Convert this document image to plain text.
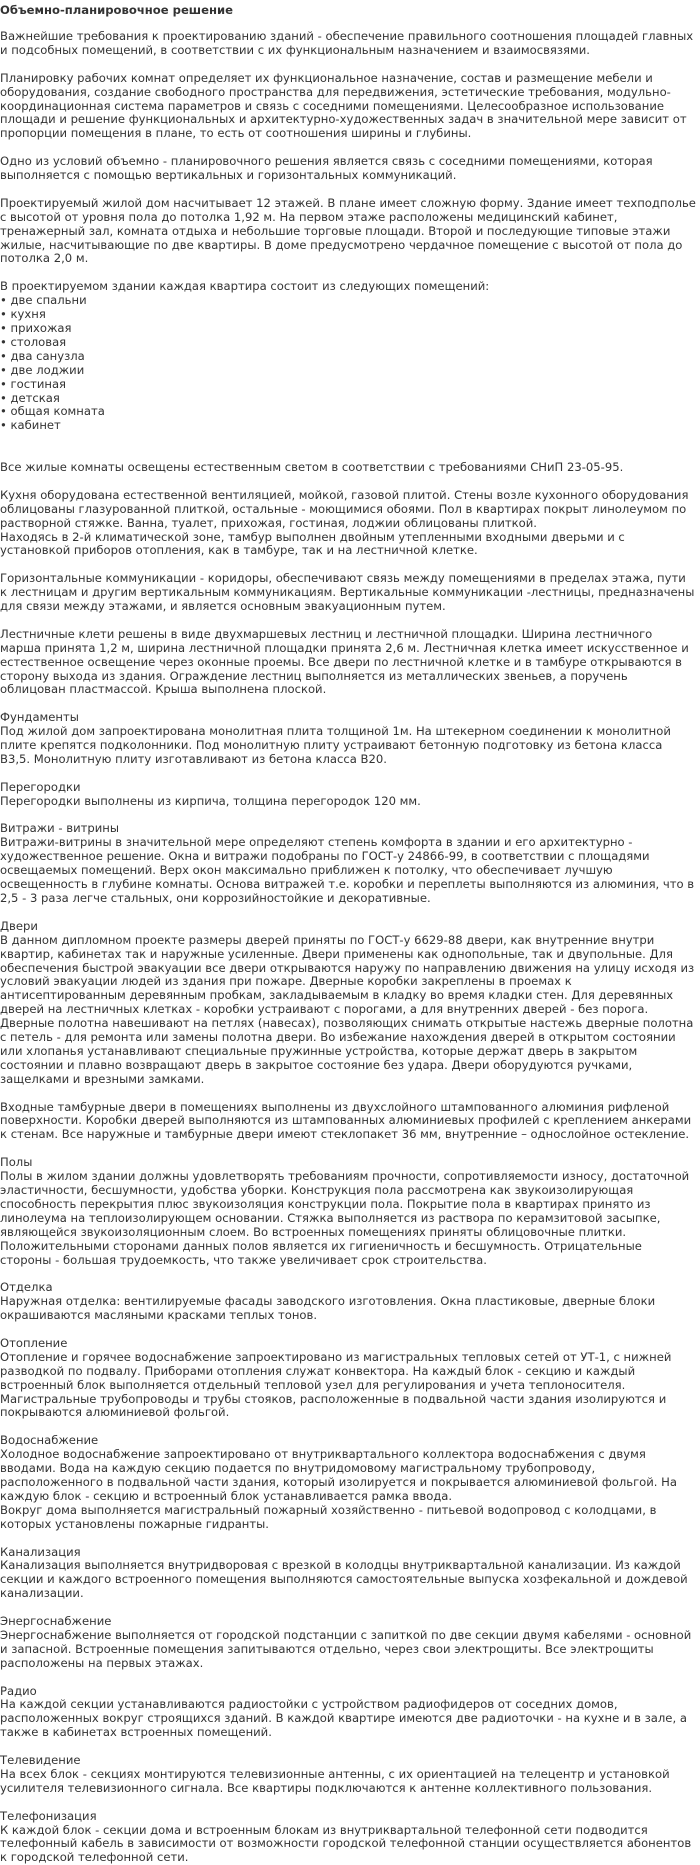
Объемно-планировочное решение

Важнейшие требования к проектированию зданий - обеспечение правильного соотношения площадей главных и подсобных помещений, в соответствии с их функциональным назначением и взаимосвязями.

Планировку рабочих комнат определяет их функциональное назначение, состав и размещение мебели и оборудования, создание свободного пространства для передвижения, эстетические требования, модульно-координационная система параметров и связь с соседними помещениями. Целесообразное использование площади и решение функциональных и архитектурно-художественных задач в значительной мере зависит от пропорции помещения в плане, то есть от соотношения ширины и глубины.

Одно из условий объемно - планировочного решения является связь с соседними помещениями, которая выполняется с помощью вертикальных и горизонтальных коммуникаций.

Проектируемый жилой дом насчитывает 12 этажей. В плане имеет сложную форму. Здание имеет техподполье с высотой от уровня пола до потолка 1,92 м. На первом этаже расположены медицинский кабинет, тренажерный зал, комната отдыха и небольшие торговые площади. Второй и последующие типовые этажи жилые, насчитывающие по две квартиры. В доме предусмотрено чердачное помещение с высотой от пола до потолка 2,0 м.

В проектируемом здании каждая квартира состоит из следующих помещений:
• две спальни
• кухня
• прихожая
• столовая
• два санузла
• две лоджии
• гостиная
• детская
• общая комната
• кабинет

Все жилые комнаты освещены естественным светом в соответствии с требованиями СНиП 23-05-95.

Кухня оборудована естественной вентиляцией, мойкой, газовой плитой. Стены возле кухонного оборудования облицованы глазурованной плиткой, остальные - моющимися обоями. Пол в квартирах покрыт линолеумом по растворной стяжке. Ванна, туалет, прихожая, гостиная, лоджии облицованы плиткой.
Находясь в 2-й климатической зоне, тамбур выполнен двойным утепленными входными дверьми и с установкой приборов отопления, как в тамбуре, так и на лестничной клетке.

Горизонтальные коммуникации - коридоры, обеспечивают связь между помещениями в пределах этажа, пути к лестницам и другим вертикальным коммуникациям. Вертикальные коммуникации -лестницы, предназначены для связи между этажами, и является основным эвакуационным путем.

Лестничные клети решены в виде двухмаршевых лестниц и лестничной площадки. Ширина лестничного марша принята 1,2 м, ширина лестничной площадки принята 2,6 м. Лестничная клетка имеет искусственное и естественное освещение через оконные проемы. Все двери по лестничной клетке и в тамбуре открываются в сторону выхода из здания. Ограждение лестниц выполняется из металлических звеньев, а поручень облицован пластмассой. Крыша выполнена плоской.

Фундаменты
Под жилой дом запроектирована монолитная плита толщиной 1м. На штекерном соединении к монолитной плите крепятся подколонники. Под монолитную плиту устраивают бетонную подготовку из бетона класса В3,5. Монолитную плиту изготавливают из бетона класса В20.

Перегородки
Перегородки выполнены из кирпича, толщина перегородок 120 мм.

Витражи - витрины
Витражи-витрины в значительной мере определяют степень комфорта в здании и его архитектурно - художественное решение. Окна и витражи подобраны по ГОСТ-у 24866-99, в соответствии с площадями освещаемых помещений. Верх окон максимально приближен к потолку, что обеспечивает лучшую освещенность в глубине комнаты. Основа витражей т.е. коробки и переплеты выполняются из алюминия, что в 2,5 - 3 раза легче стальных, они коррозийностойкие и декоративные.

Двери
В данном дипломном проекте размеры дверей приняты по ГОСТ-у 6629-88 двери, как внутренние внутри квартир, кабинетах так и наружные усиленные. Двери применены как однопольные, так и двупольные. Для обеспечения быстрой эвакуации все двери открываются наружу по направлению движения на улицу исходя из условий эвакуации людей из здания при пожаре. Дверные коробки закреплены в проемах к антисептированным деревянным пробкам, закладываемым в кладку во время кладки стен. Для деревянных дверей на лестничных клетках - коробки устраивают с порогами, а для внутренних дверей - без порога. Дверные полотна навешивают на петлях (навесах), позволяющих снимать открытые настежь дверные полотна с петель - для ремонта или замены полотна двери. Во избежание нахождения дверей в открытом состоянии или хлопанья устанавливают специальные пружинные устройства, которые держат дверь в закрытом состоянии и плавно возвращают дверь в закрытое состояние без удара. Двери оборудуются ручками, защелками и врезными замками.

Входные тамбурные двери в помещениях выполнены из двухслойного штампованного алюминия рифленой поверхности. Коробки дверей выполняются из штампованных алюминиевых профилей с креплением анкерами к стенам. Все наружные и тамбурные двери имеют стеклопакет 36 мм, внутренние – однослойное остекление.

Полы
Полы в жилом здании должны удовлетворять требованиям прочности, сопротивляемости износу, достаточной эластичности, бесшумности, удобства уборки. Конструкция пола рассмотрена как звукоизолирующая способность перекрытия плюс звукоизоляция конструкции пола. Покрытие пола в квартирах принято из линолеума на теплоизолирующем основании. Стяжка выполняется из раствора по керамзитовой засыпке, являющейся звукоизоляционным слоем. Во встроенных помещениях приняты облицовочные плитки.
Положительными сторонами данных полов является их гигиеничность и бесшумность. Отрицательные стороны - большая трудоемкость, что также увеличивает срок строительства.

Отделка
Наружная отделка: вентилируемые фасады заводского изготовления. Окна пластиковые, дверные блоки окрашиваются масляными красками теплых тонов.

Отопление
Отопление и горячее водоснабжение запроектировано из магистральных тепловых сетей от УТ-1, с нижней разводкой по подвалу. Приборами отопления служат конвектора. На каждый блок - секцию и каждый встроенный блок выполняется отдельный тепловой узел для регулирования и учета теплоносителя. Магистральные трубопроводы и трубы стояков, расположенные в подвальной части здания изолируются и покрываются алюминиевой фольгой.

Водоснабжение
Холодное водоснабжение запроектировано от внутриквартального коллектора водоснабжения с двумя вводами. Вода на каждую секцию подается по внутридомовому магистральному трубопроводу, расположенного в подвальной части здания, который изолируется и покрывается алюминиевой фольгой. На каждую блок - секцию и встроенный блок устанавливается рамка ввода.
Вокруг дома выполняется магистральный пожарный хозяйственно - питьевой водопровод с колодцами, в которых установлены пожарные гидранты.

Канализация
Канализация выполняется внутридворовая с врезкой в колодцы внутриквартальной канализации. Из каждой секции и каждого встроенного помещения выполняются самостоятельные выпуска хозфекальной и дождевой канализации.

Энергоснабжение
Энергоснабжение выполняется от городской подстанции с запиткой по две секции двумя кабелями - основной и запасной. Встроенные помещения запитываются отдельно, через свои электрощиты. Все электрощиты расположены на первых этажах.

Радио
На каждой секции устанавливаются радиостойки с устройством радиофидеров от соседних домов, расположенных вокруг строящихся зданий. В каждой квартире имеются две радиоточки - на кухне и в зале, а также в кабинетах встроенных помещений.

Телевидение
На всех блок - секциях монтируются телевизионные антенны, с их ориентацией на телецентр и установкой усилителя телевизионного сигнала. Все квартиры подключаются к антенне коллективного пользования.

Телефонизация
К каждой блок - секции дома и встроенным блокам из внутриквартальной телефонной сети подводится телефонный кабель в зависимости от возможности городской телефонной станции осуществляется абонентов к городской телефонной сети.
